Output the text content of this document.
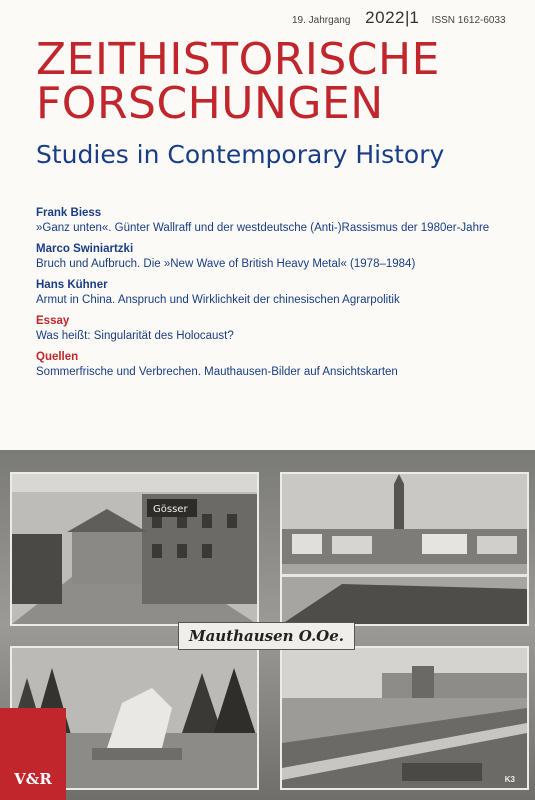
19. Jahrgang 2022|1 ISSN 1612-6033
ZEITHISTORISCHE
FORSCHUNGEN
Studies in Contemporary History
Frank Biess
»Ganz unten«. Günter Wallraff und der westdeutsche (Anti-)Rassismus der 1980er-Jahre
Marco Swiniartzki
Bruch und Aufbruch. Die »New Wave of British Heavy Metal« (1978–1984)
Hans Kühner
Armut in China. Anspruch und Wirklichkeit der chinesischen Agrarpolitik
Essay
Was heißt: Singularität des Holocaust?
Quellen
Sommerfrische und Verbrechen. Mauthausen-Bilder auf Ansichtskarten
Gösser
K3
Mauthausen O.Oe.
V&R
